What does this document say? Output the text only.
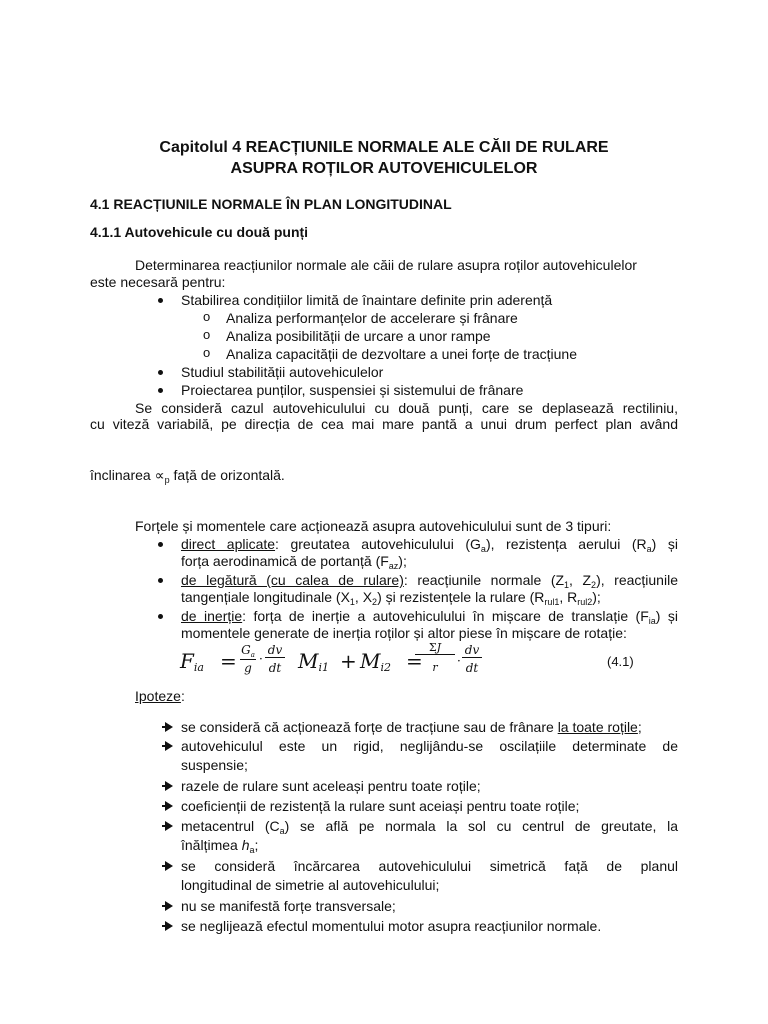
Capitolul 4 REACȚIUNILE NORMALE ALE CĂII DE RULARE
ASUPRA ROȚILOR AUTOVEHICULELOR
4.1 REACȚIUNILE NORMALE ÎN PLAN LONGITUDINAL
4.1.1 Autovehicule cu două punți
Determinarea reacțiunilor normale ale căii de rulare asupra roților autovehiculelor
este necesară pentru:
Stabilirea condițiilor limită de înaintare definite prin aderență
o Analiza performanțelor de accelerare și frânare
o Analiza posibilității de urcare a unor rampe
o Analiza capacității de dezvoltare a unei forțe de tracțiune
Studiul stabilității autovehiculelor
Proiectarea punților, suspensiei și sistemului de frânare
Se consideră cazul autovehiculului cu două punți, care se deplasează rectiliniu,
cu viteză variabilă, pe direcția de cea mai mare pantă a unui drum perfect plan având
înclinarea $\propto_p$ față de orizontală.
Forțele și momentele care acționează asupra autovehiculului sunt de 3 tipuri:
direct aplicate: greutatea autovehiculului $(G_a)$, rezistența aerului $(R_a)$ și
forța aerodinamică de portanță $(F_{az})$;
de legătură (cu calea de rulare): reacțiunile normale ($Z_1$, $Z_2$), reacțiunile
tangențiale longitudinale ($X_1$, $X_2$) și rezistențele la rulare ($R_{rul1}$, $R_{rul2}$);
de inerție: forța de inerție a autovehiculului în mișcare de translație $(F_{ia})$ și
momentele generate de inerția roților și altor piese în mișcare de rotație:
$F_{ia} = G_a$
g
·
dv
dt $M_{i1} + M_{i2}$ =
ΣJ
r	·
dv
dt	(4.1)
Ipoteze:
se consideră că acționează forțe de tracțiune sau de frânare la toate roțile;
autovehiculul este un rigid, neglijându-se oscilațiile determinate de
suspensie;
razele de rulare sunt aceleași pentru toate roțile;
coeficienții de rezistență la rulare sunt aceiași pentru toate roțile;
metacentrul $(C_a)$ se află pe normala la sol cu centrul de greutate, la
înălțimea $h_a$;
se consideră încărcarea autovehiculului simetrică față de planul
longitudinal de simetrie al autovehiculului;
nu se manifestă forțe transversale;
se neglijează efectul momentului motor asupra reacțiunilor normale.
